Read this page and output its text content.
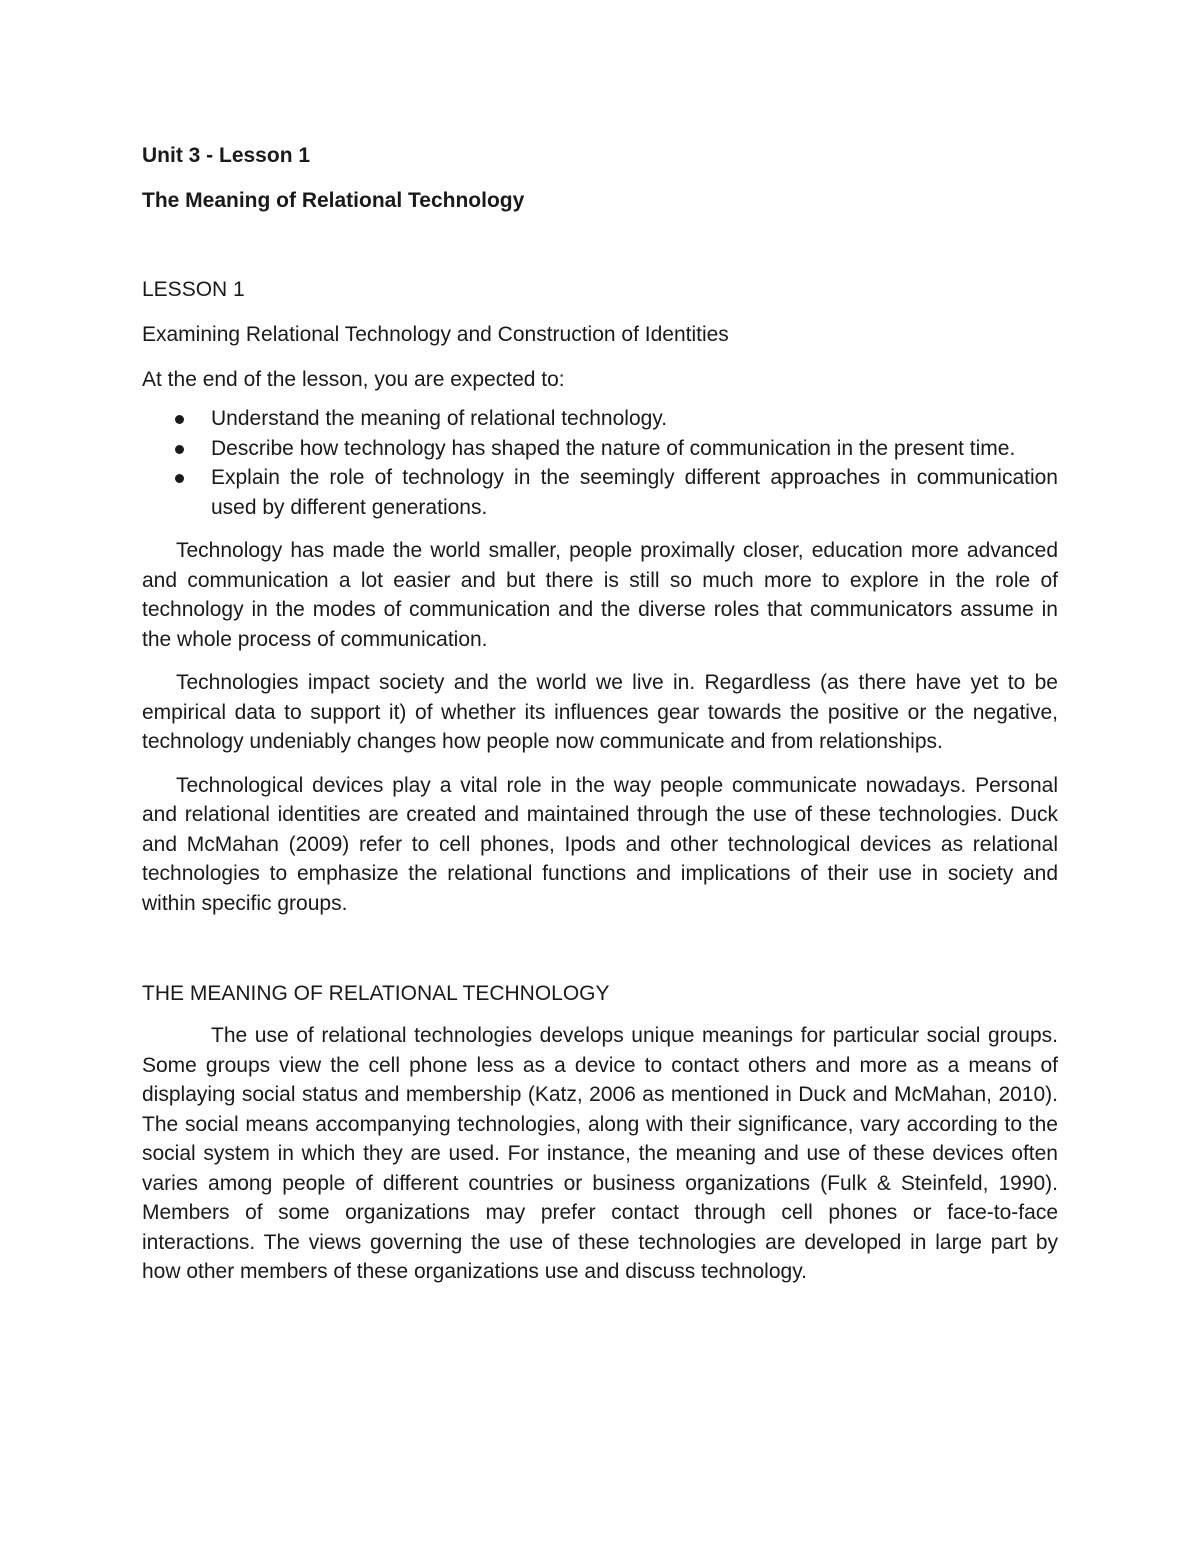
Unit 3 - Lesson 1
The Meaning of Relational Technology
LESSON 1
Examining Relational Technology and Construction of Identities
At the end of the lesson, you are expected to:
Understand the meaning of relational technology.
Describe how technology has shaped the nature of communication in the present time.
Explain the role of technology in the seemingly different approaches in communication used by different generations.

Technology has made the world smaller, people proximally closer, education more advanced and communication a lot easier and but there is still so much more to explore in the role of technology in the modes of communication and the diverse roles that communicators assume in the whole process of communication.

Technologies impact society and the world we live in. Regardless (as there have yet to be empirical data to support it) of whether its influences gear towards the positive or the negative, technology undeniably changes how people now communicate and from relationships.

Technological devices play a vital role in the way people communicate nowadays. Personal and relational identities are created and maintained through the use of these technologies. Duck and McMahan (2009) refer to cell phones, Ipods and other technological devices as relational technologies to emphasize the relational functions and implications of their use in society and within specific groups.

THE MEANING OF RELATIONAL TECHNOLOGY

The use of relational technologies develops unique meanings for particular social groups. Some groups view the cell phone less as a device to contact others and more as a means of displaying social status and membership (Katz, 2006 as mentioned in Duck and McMahan, 2010). The social means accompanying technologies, along with their significance, vary according to the social system in which they are used. For instance, the meaning and use of these devices often varies among people of different countries or business organizations (Fulk & Steinfeld, 1990). Members of some organizations may prefer contact through cell phones or face-to-face interactions. The views governing the use of these technologies are developed in large part by how other members of these organizations use and discuss technology.
